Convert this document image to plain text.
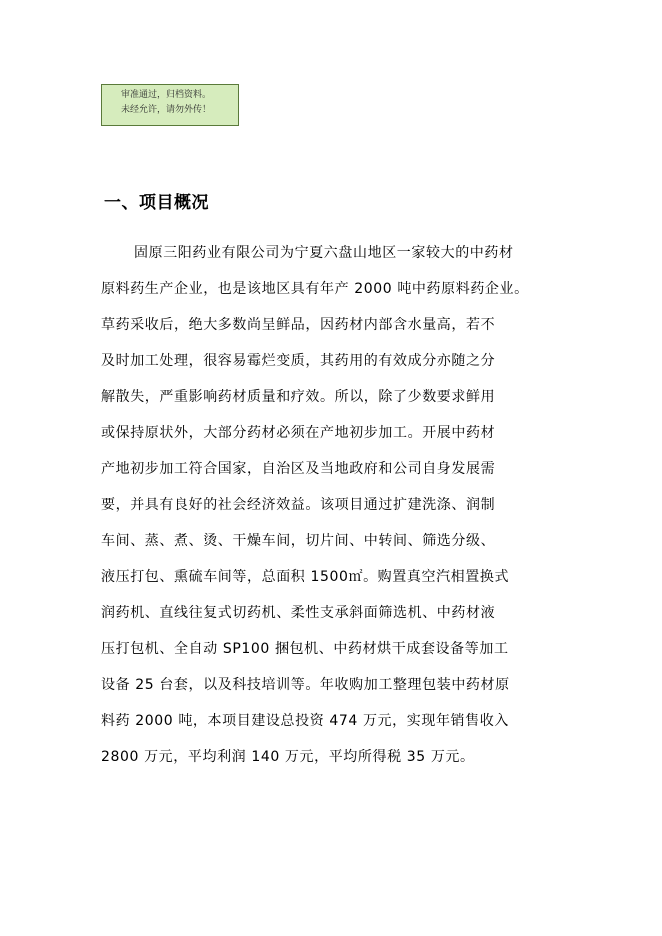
审准通过，归档资料。
未经允许，请勿外传！
一、项目概况
固原三阳药业有限公司为宁夏六盘山地区一家较大的中药材
原料药生产企业，也是该地区具有年产 2000 吨中药原料药企业。
草药采收后，绝大多数尚呈鲜品，因药材内部含水量高，若不
及时加工处理，很容易霉烂变质，其药用的有效成分亦随之分
解散失，严重影响药材质量和疗效。所以，除了少数要求鲜用
或保持原状外，大部分药材必须在产地初步加工。开展中药材
产地初步加工符合国家，自治区及当地政府和公司自身发展需
要，并具有良好的社会经济效益。该项目通过扩建洗涤、润制
车间、蒸、煮、烫、干燥车间，切片间、中转间、筛选分级、
液压打包、熏硫车间等，总面积 1500㎡。购置真空汽相置换式
润药机、直线往复式切药机、柔性支承斜面筛选机、中药材液
压打包机、全自动 SP100 捆包机、中药材烘干成套设备等加工
设备 25 台套，以及科技培训等。年收购加工整理包装中药材原
料药 2000 吨，本项目建设总投资 474 万元，实现年销售收入
2800 万元，平均利润 140 万元，平均所得税 35 万元。
